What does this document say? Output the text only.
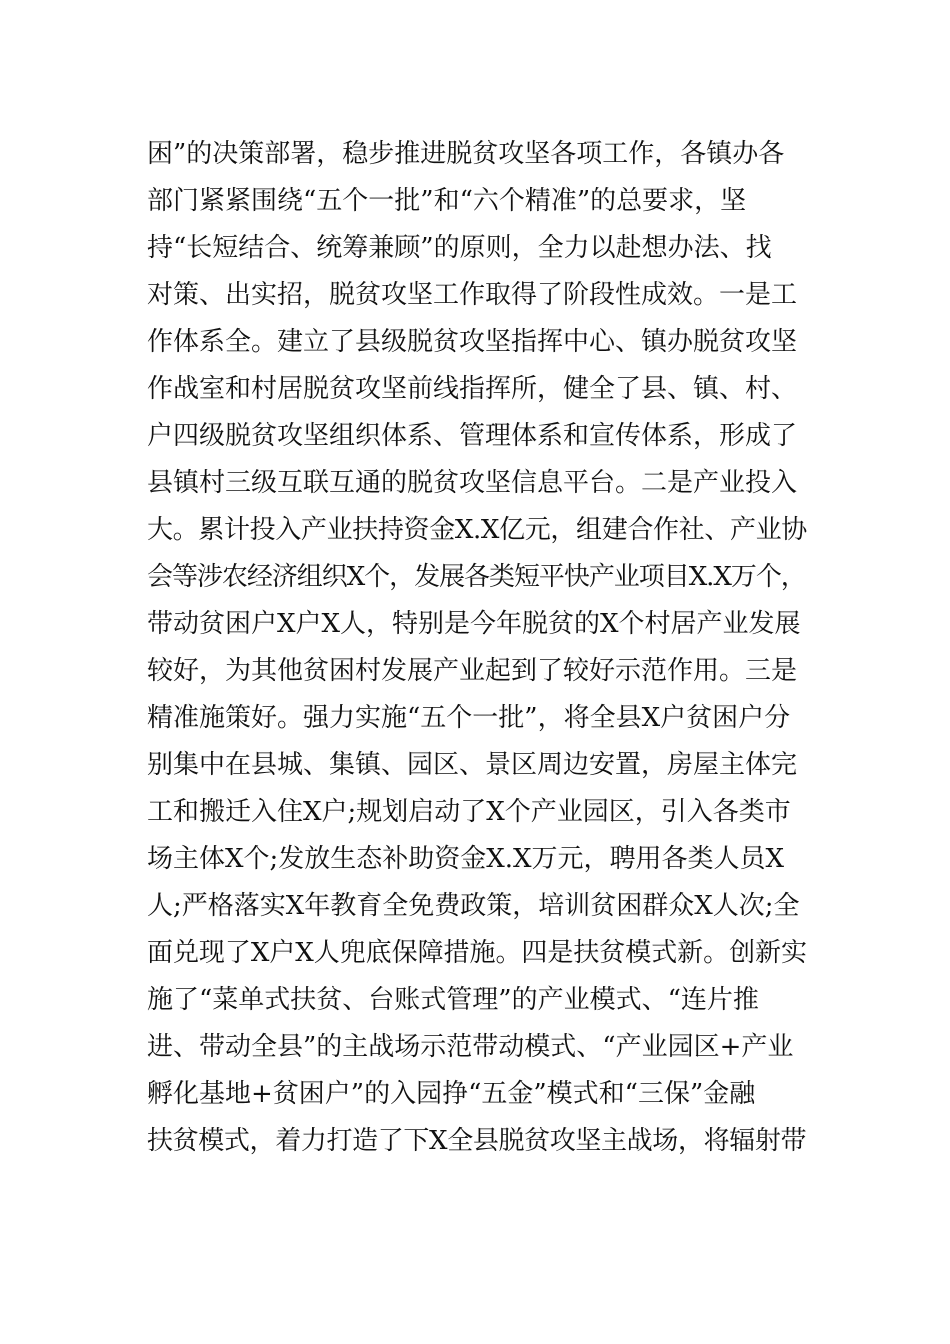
困”的决策部署，稳步推进脱贫攻坚各项工作，各镇办各
部门紧紧围绕“五个一批”和“六个精准”的总要求，坚
持“长短结合、统筹兼顾”的原则，全力以赴想办法、找
对策、出实招，脱贫攻坚工作取得了阶段性成效。一是工
作体系全。建立了县级脱贫攻坚指挥中心、镇办脱贫攻坚
作战室和村居脱贫攻坚前线指挥所，健全了县、镇、村、
户四级脱贫攻坚组织体系、管理体系和宣传体系，形成了
县镇村三级互联互通的脱贫攻坚信息平台。二是产业投入
大。累计投入产业扶持资金X.X亿元，组建合作社、产业协
会等涉农经济组织X个，发展各类短平快产业项目X.X万个，
带动贫困户X户X人，特别是今年脱贫的X个村居产业发展
较好，为其他贫困村发展产业起到了较好示范作用。三是
精准施策好。强力实施“五个一批”，将全县X户贫困户分
别集中在县城、集镇、园区、景区周边安置，房屋主体完
工和搬迁入住X户;规划启动了X个产业园区，引入各类市
场主体X个;发放生态补助资金X.X万元，聘用各类人员X
人;严格落实X年教育全免费政策，培训贫困群众X人次;全
面兑现了X户X人兜底保障措施。四是扶贫模式新。创新实
施了“菜单式扶贫、台账式管理”的产业模式、“连片推
进、带动全县”的主战场示范带动模式、“产业园区+产业
孵化基地+贫困户”的入园挣“五金”模式和“三保”金融
扶贫模式，着力打造了下X全县脱贫攻坚主战场，将辐射带
